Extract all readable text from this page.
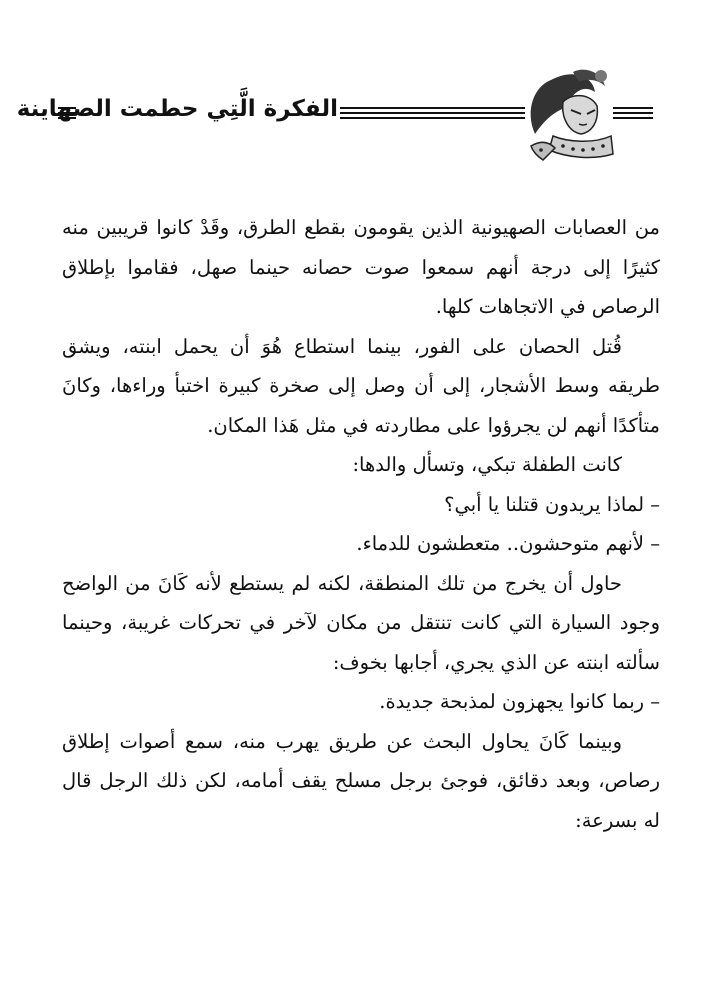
الفكرة الَّتِي حطمت الصهاينة

من العصابات الصهيونية الذين يقومون بقطع الطرق، وقَدْ كانوا قريبين منه كثيرًا إلى درجة أنهم سمعوا صوت حصانه حينما صهل، فقاموا بإطلاق الرصاص في الاتجاهات كلها.

قُتل الحصان على الفور، بينما استطاع هُوَ أن يحمل ابنته، ويشق طريقه وسط الأشجار، إلى أن وصل إلى صخرة كبيرة اختبأ وراءها، وكانَ متأكدًا أنهم لن يجرؤوا على مطاردته في مثل هَذا المكان.

كانت الطفلة تبكي، وتسأل والدها:

– لماذا يريدون قتلنا يا أبي؟

– لأنهم متوحشون.. متعطشون للدماء.

حاول أن يخرج من تلك المنطقة، لكنه لم يستطع لأنه كَانَ من الواضح وجود السيارة التي كانت تنتقل من مكان لآخر في تحركات غريبة، وحينما سألته ابنته عن الذي يجري، أجابها بخوف:

– ربما كانوا يجهزون لمذبحة جديدة.

وبينما كَانَ يحاول البحث عن طريق يهرب منه، سمع أصوات إطلاق رصاص، وبعد دقائق، فوجئ برجل مسلح يقف أمامه، لكن ذلك الرجل قال له بسرعة:
